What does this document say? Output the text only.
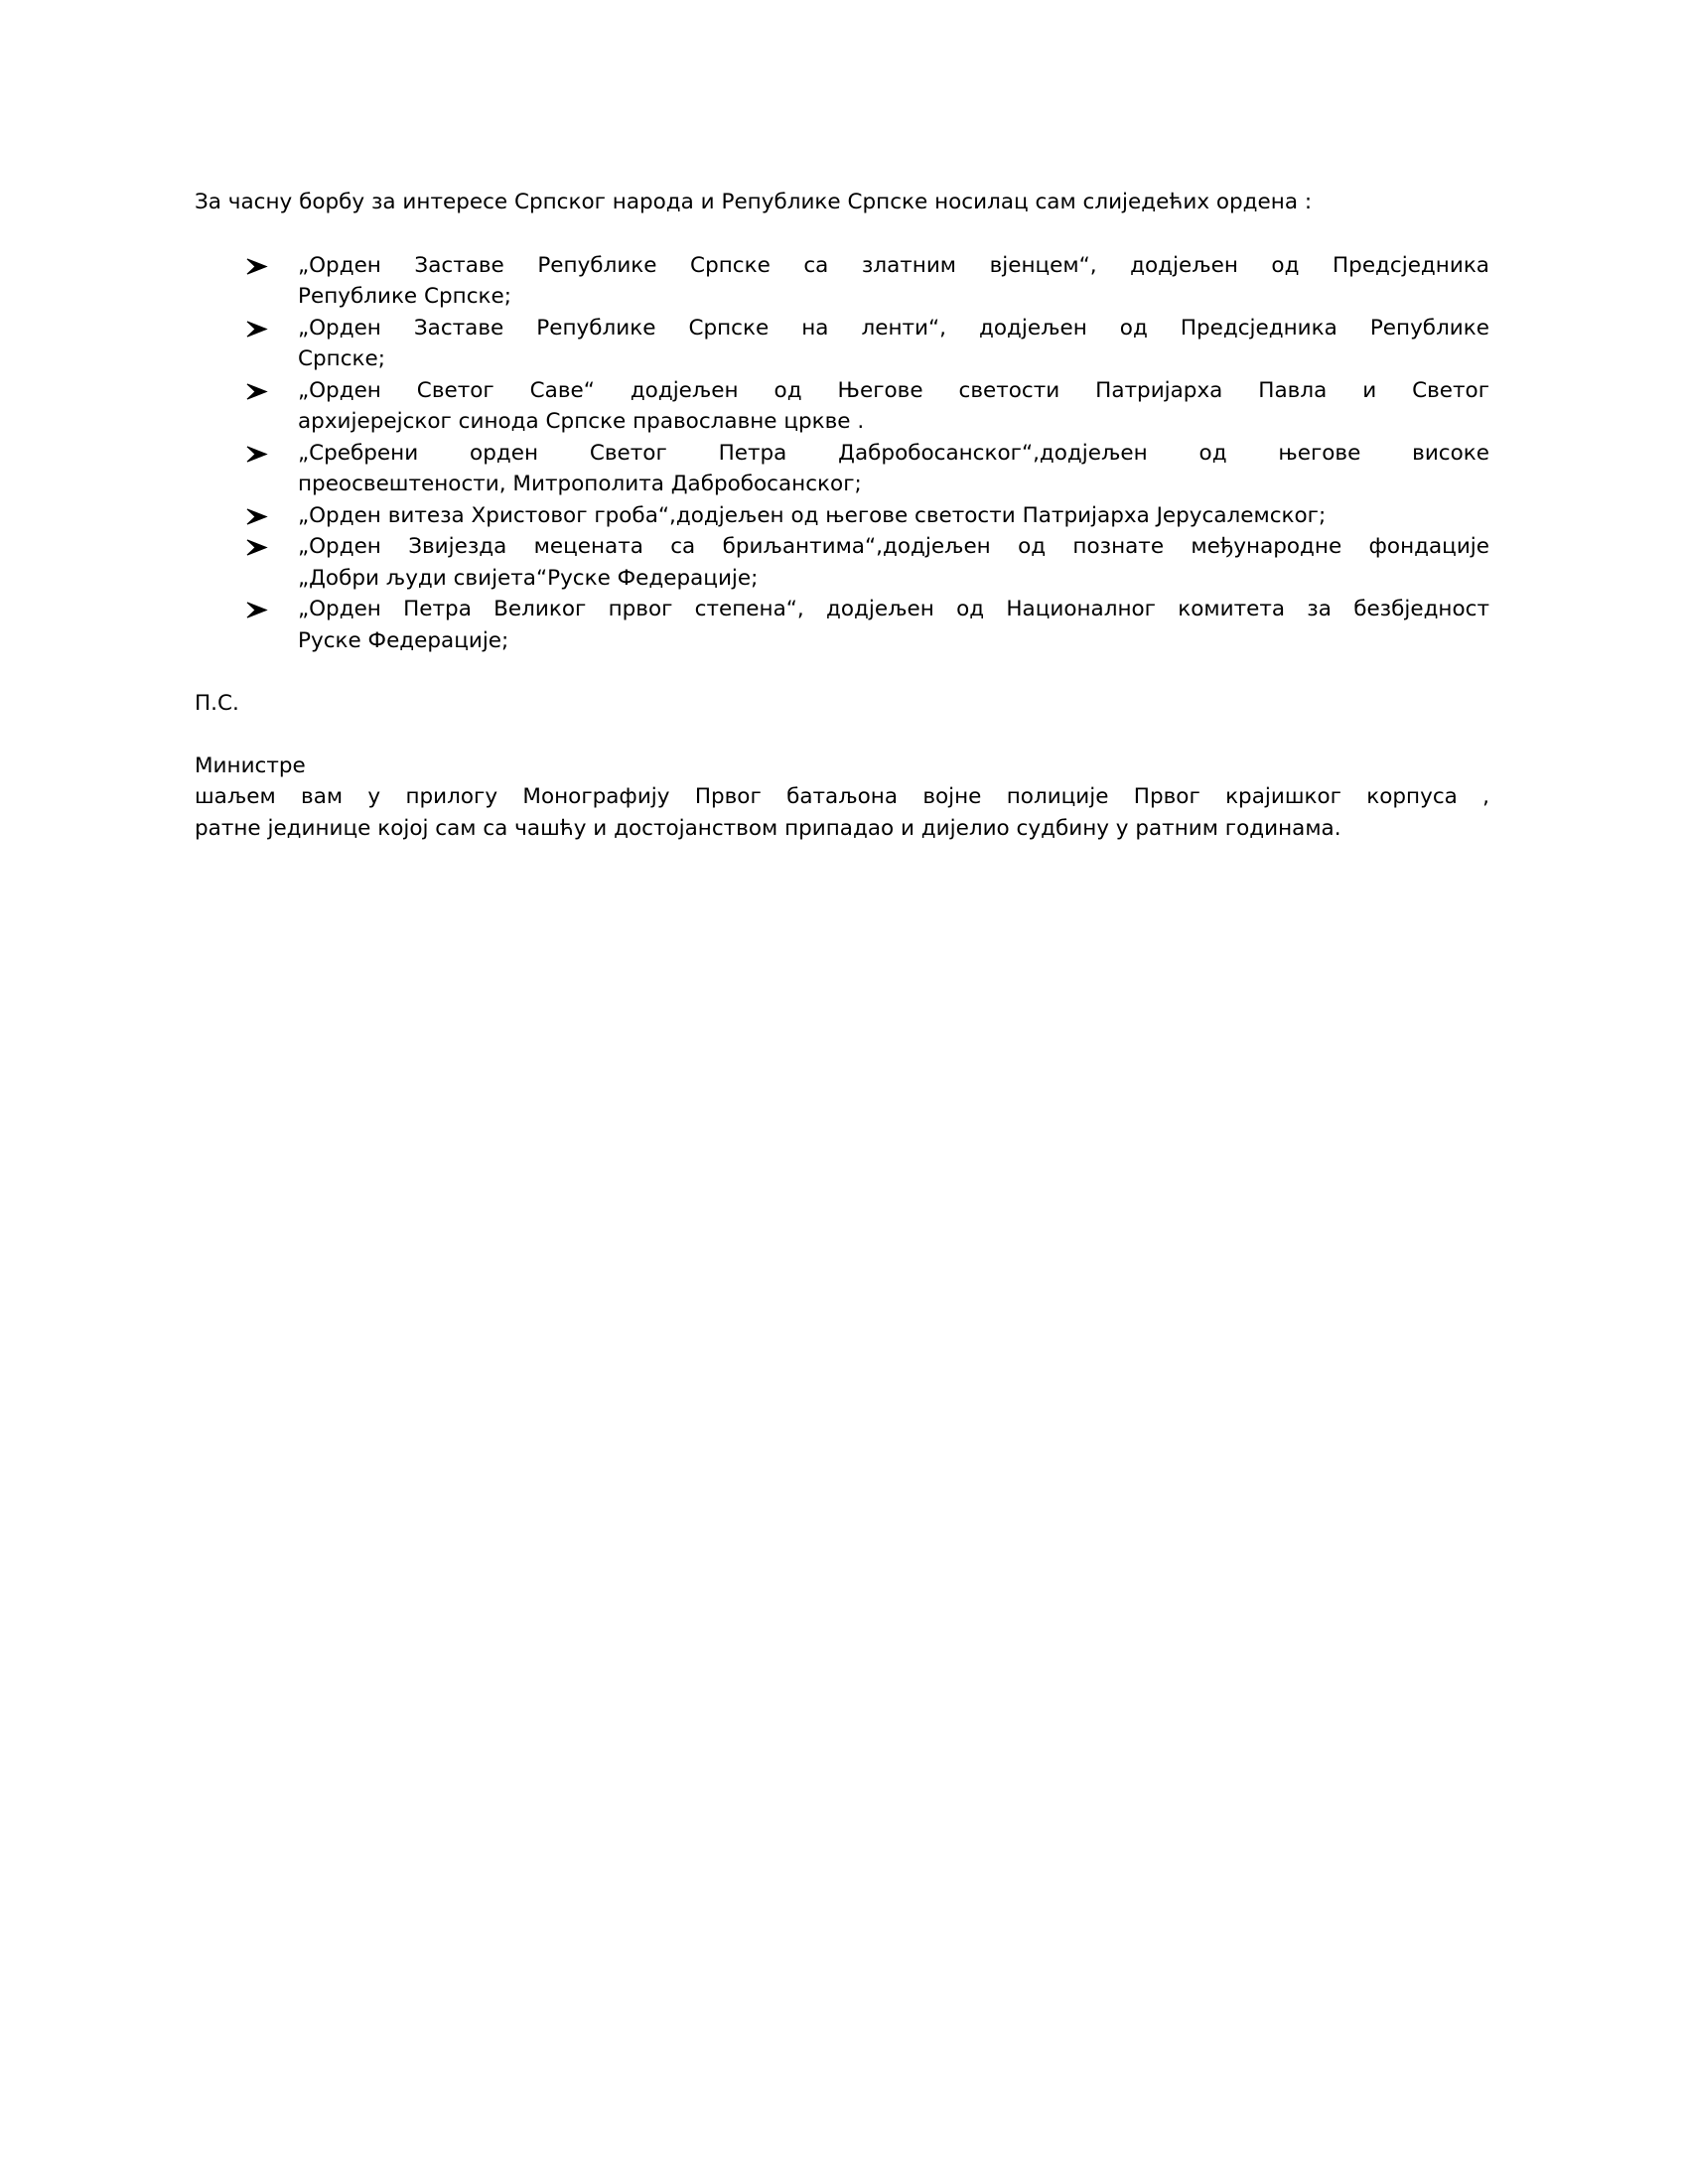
За часну борбу за интересе Српског народа и Републике Српске носилац сам слиједећих ордена :

„Орден Заставе Републике Српске са златним вјенцем“, додјељен од Предсједника
Републике Српске;
„Орден Заставе Републике Српске на ленти“, додјељен од Предсједника Републике
Српске;
„Орден Светог Саве“ додјељен од Његове светости Патријарха Павла и Светог
архијерејског синода Српске православне цркве .
„Сребрени орден Светог Петра Дабробосанског“,додјељен од његове високе
преосвештености, Митрополита Дабробосанског;
„Орден витеза Христовог гроба“,додјељен од његове светости Патријарха Јерусалемског;
„Орден Звијезда меценатa са бриљантима“,додјељен од познате међународне фондације
„Добри људи свијета“Руске Федерације;
„Орден Петра Великог првог степена“, додјељен од Националног комитета за безбједност
Руске Федерације;

П.С.

Министре

шаљем вам у прилогу Монографију Првог батаљона војне полиције Првог крајишког корпуса ,
ратне јединице којој сам са чашћу и достојанством припадао и дијелио судбину у ратним годинама.
